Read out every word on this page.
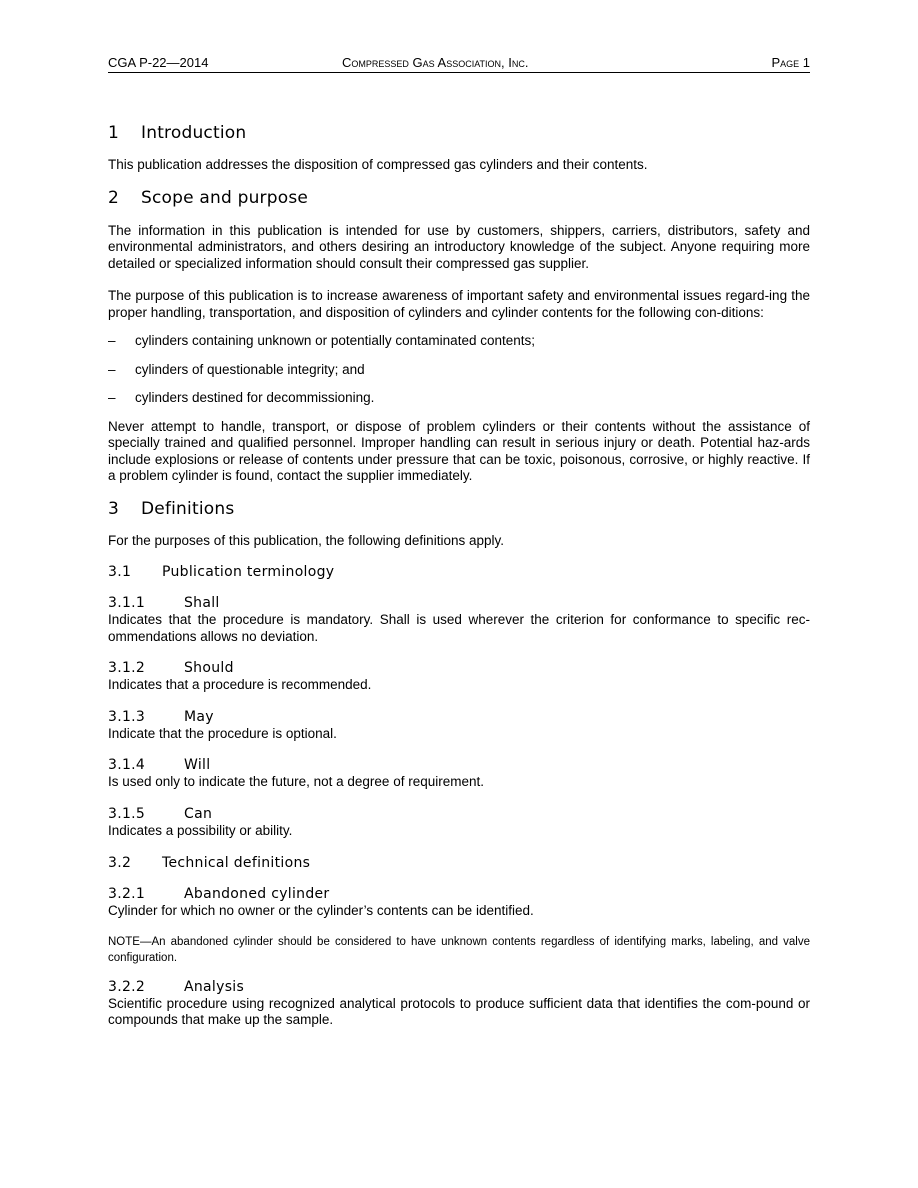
CGA P-22—2014	Compressed Gas Association, Inc.	Page 1
1 Introduction

This publication addresses the disposition of compressed gas cylinders and their contents.

2 Scope and purpose

The information in this publication is intended for use by customers, shippers, carriers, distributors, safety and environmental administrators, and others desiring an introductory knowledge of the subject. Anyone requiring more detailed or specialized information should consult their compressed gas supplier.

The purpose of this publication is to increase awareness of important safety and environmental issues regard-ing the proper handling, transportation, and disposition of cylinders and cylinder contents for the following con-ditions:

–	cylinders containing unknown or potentially contaminated contents;
–	cylinders of questionable integrity; and
–	cylinders destined for decommissioning.

Never attempt to handle, transport, or dispose of problem cylinders or their contents without the assistance of specially trained and qualified personnel. Improper handling can result in serious injury or death. Potential haz-ards include explosions or release of contents under pressure that can be toxic, poisonous, corrosive, or highly reactive. If a problem cylinder is found, contact the supplier immediately.

3 Definitions

For the purposes of this publication, the following definitions apply.

3.1 Publication terminology
3.1.1	Shall

Indicates that the procedure is mandatory. Shall is used wherever the criterion for conformance to specific rec-ommendations allows no deviation.

3.1.2	Should

Indicates that a procedure is recommended.

3.1.3	May

Indicate that the procedure is optional.

3.1.4	Will

Is used only to indicate the future, not a degree of requirement.

3.1.5	Can

Indicates a possibility or ability.

3.2 Technical definitions
3.2.1	Abandoned cylinder

Cylinder for which no owner or the cylinder’s contents can be identified.

NOTE—An abandoned cylinder should be considered to have unknown contents regardless of identifying marks, labeling, and valve configuration.

3.2.2	Analysis

Scientific procedure using recognized analytical protocols to produce sufficient data that identifies the com-pound or compounds that make up the sample.
